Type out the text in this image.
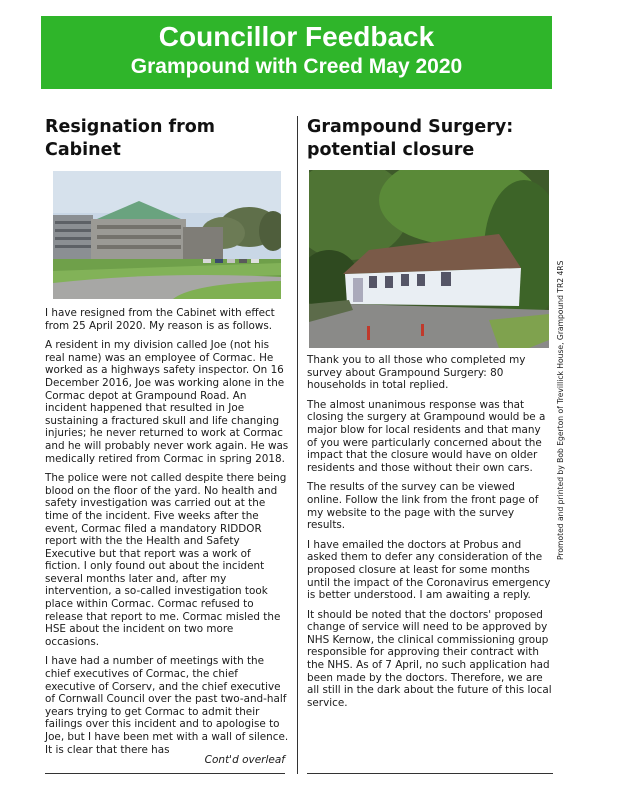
Councillor Feedback
Grampound with Creed May 2020
Resignation from Cabinet

I have resigned from the Cabinet with effect from 25 April 2020. My reason is as follows.

A resident in my division called Joe (not his real name) was an employee of Cormac. He worked as a highways safety inspector. On 16 December 2016, Joe was working alone in the Cormac depot at Grampound Road. An incident happened that resulted in Joe sustaining a fractured skull and life changing injuries; he never returned to work at Cormac and he will probably never work again. He was medically retired from Cormac in spring 2018.

The police were not called despite there being blood on the floor of the yard. No health and safety investigation was carried out at the time of the incident. Five weeks after the event, Cormac filed a mandatory RIDDOR report with the the Health and Safety Executive but that report was a work of fiction. I only found out about the incident several months later and, after my intervention, a so-called investigation took place within Cormac. Cormac refused to release that report to me. Cormac misled the HSE about the incident on two more occasions.

I have had a number of meetings with the chief executives of Cormac, the chief executive of Corserv, and the chief executive of Cornwall Council over the past two-and-half years trying to get Cormac to admit their failings over this incident and to apologise to Joe, but I have been met with a wall of silence. It is clear that there has

Cont'd overleaf
Grampound Surgery:
potential closure

Thank you to all those who completed my survey about Grampound Surgery: 80 households in total replied.

The almost unanimous response was that closing the surgery at Grampound would be a major blow for local residents and that many of you were particularly concerned about the impact that the closure would have on older residents and those without their own cars.

The results of the survey can be viewed online. Follow the link from the front page of my website to the page with the survey results.

I have emailed the doctors at Probus and asked them to defer any consideration of the proposed closure at least for some months until the impact of the Coronavirus emergency is better understood. I am awaiting a reply.

It should be noted that the doctors' proposed change of service will need to be approved by NHS Kernow, the clinical commissioning group responsible for approving their contract with the NHS. As of 7 April, no such application had been made by the doctors. Therefore, we are all still in the dark about the future of this local service.

Promoted and printed by Bob Egerton of Trevillick House, Grampound TR2 4RS
